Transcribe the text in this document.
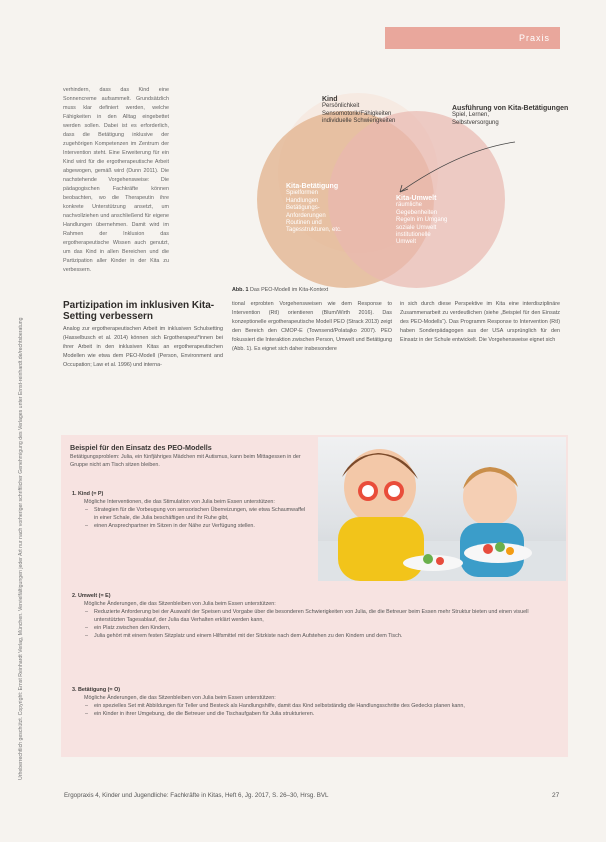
Praxis
Urheberrechtlich geschützt. Copyright: Ernst Reinhardt Verlag, München. Vervielfältigungen jeder Art nur nach vorheriger schriftlicher Genehmigung des Verlages unter Ernst-reinhardt.de/rechtsberatung
verhindern, dass das Kind eine Sonnencreme aufsammelt. Grundsätzlich muss klar definiert werden, welche Fähigkeiten in den Alltag eingebettet werden sollen. Dabei ist es erforderlich, dass die Betätigung inklusive der zugehörigen Kompetenzen im Zentrum der Intervention steht. Eine Erweiterung für ein Kind wird für die ergotherapeutische Arbeit abgewogen, gemäß wird (Dunn 2011). Die nachstehende Vorgehensweise: Die pädagogischen Fachkräfte können beobachten, wo die Therapeutin ihre konkrete Unterstützung ansetzt, um nachvollziehen und anschließend für eigene Handlungen übernehmen. Damit wird im Rahmen der Inklusion das ergotherapeutische Wissen auch genutzt, um das Kind in allen Bereichen und die Partizipation aller Kinder in der Kita zu verbessern.
Kind
Persönlichkeit
Sensomotorik/Fähigkeiten
individuelle Schwierigkeiten
Ausführung von Kita-Betätigungen
Spiel, Lernen,
Selbstversorgung
Kita-Betätigung
Spielformen
Handlungen
Betätigungs-
Anforderungen
Routinen und
Tagesstrukturen, etc.
Kita-Umwelt
räumliche
Gegebenheiten
Regeln im Umgang
soziale Umwelt
institutionelle
Umwelt
Abb. 1 Das PEO-Modell im Kita-Kontext
Partizipation im inklusiven Kita-Setting verbessern
Analog zur ergotherapeutischen Arbeit im inklusiven Schulsetting (Hasselbusch et al. 2014) können sich Ergotherapeut*innen bei ihrer Arbeit in den inklusiven Kitas an ergotherapeutischen Modellen wie etwa dem PEO-Modell (Person, Environment and Occupation; Law et al. 1996) und interna-
tional erprobten Vorgehensweisen wie dem Response to Intervention (RtI) orientieren (Blum/Wirth 2016). Das konzeptionelle ergotherapeutische Modell PEO (Strack 2013) zeigt den Bereich den CMOP-E (Townsend/Polatajko 2007). PEO fokussiert die Interaktion zwischen Person, Umwelt und Betätigung (Abb. 1). Es eignet sich daher insbesondere
in sich durch diese Perspektive im Kita eine interdisziplinäre Zusammenarbeit zu verdeutlichen (siehe „Beispiel für den Einsatz des PEO-Modells“). Das Programm Response to Intervention (RtI) haben Sonderpädagogen aus der USA ursprünglich für den Einsatz in der Schule entwickelt. Die Vorgehensweise eignet sich
Beispiel für den Einsatz des PEO-Modells
Betätigungsproblem: Julia, ein fünfjähriges Mädchen mit Autismus, kann beim Mittagessen in der Gruppe nicht am Tisch sitzen bleiben.
1. Kind (= P)
Mögliche Interventionen, die das Stimulation von Julia beim Essen unterstützen:
– Strategien für die Vorbeugung von sensorischen Überreizungen, wie etwa Schaumwaffel in einer Schale, die Julia beschäftigen und ihr Ruhe gibt,
– einen Ansprechpartner im Sitzen in der Nähe zur Verfügung stellen.
2. Umwelt (= E)
Mögliche Änderungen, die das Sitzenbleiben von Julia beim Essen unterstützen:
– Reduzierte Anforderung bei der Auswahl der Speisen und Vorgabe über die besonderen Schwierigkeiten von Julia, die die Betreuer beim Essen mehr Struktur bieten und einen visuell unterstützten Tagesablauf, der Julia das Verhalten erklärt werden kann,
– ein Platz zwischen den Kindern,
– Julia gehört mit einem festen Sitzplatz und einem Hilfsmittel mit der Sitzkiste nach dem Aufstehen zu den Kindern und dem Tisch.
3. Betätigung (= O)
Mögliche Änderungen, die das Sitzenbleiben von Julia beim Essen unterstützen:
– ein spezielles Set mit Abbildungen für Teller und Besteck als Handlungshilfe, damit das Kind selbstständig die Handlungsschritte des Gedecks planen kann,
– ein Kinder in ihrer Umgebung, die die Betreuer und die Tischaufgaben für Julia strukturieren.
Ergopraxis 4, Kinder und Jugendliche: Fachkräfte in Kitas, Heft 6, Jg. 2017, S. 26–30, Hrsg. BVL	27
